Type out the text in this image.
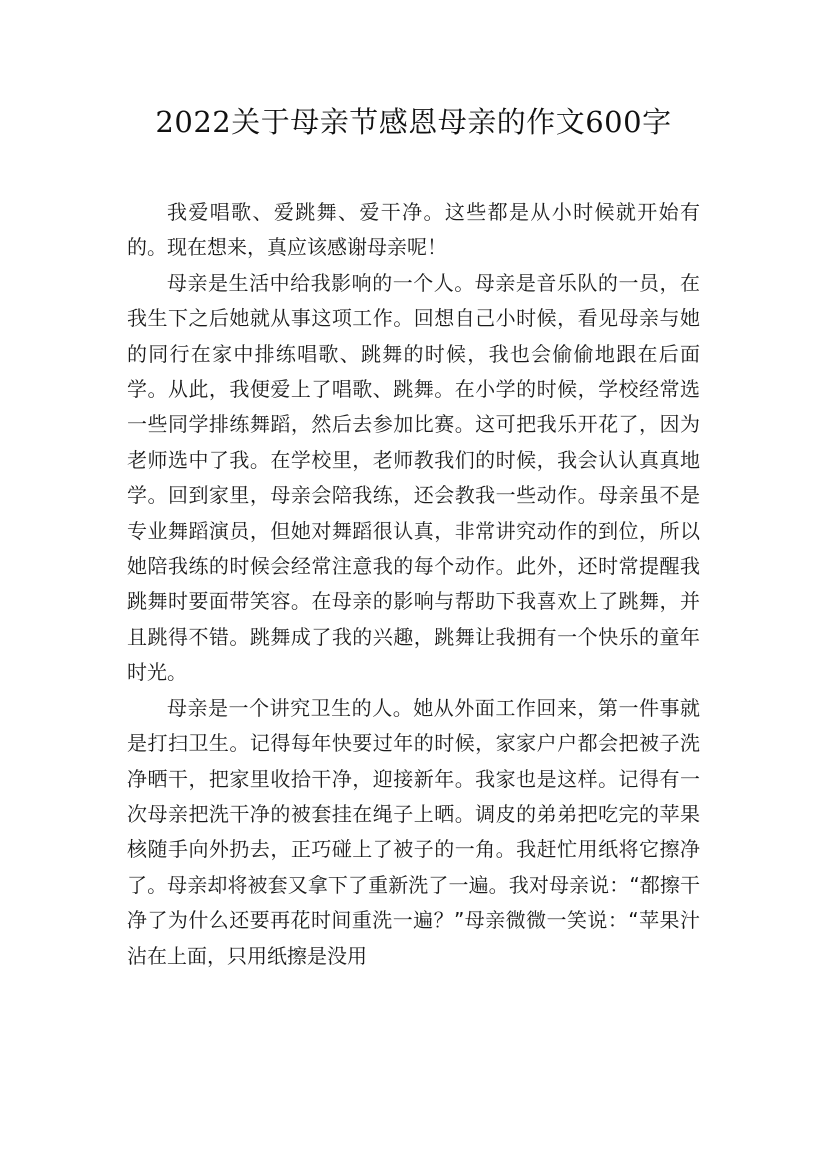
2022关于母亲节感恩母亲的作文600字

我爱唱歌、爱跳舞、爱干净。这些都是从小时候就开始有的。现在想来，真应该感谢母亲呢！

母亲是生活中给我影响的一个人。母亲是音乐队的一员，在我生下之后她就从事这项工作。回想自己小时候，看见母亲与她的同行在家中排练唱歌、跳舞的时候，我也会偷偷地跟在后面学。从此，我便爱上了唱歌、跳舞。在小学的时候，学校经常选一些同学排练舞蹈，然后去参加比赛。这可把我乐开花了，因为老师选中了我。在学校里，老师教我们的时候，我会认认真真地学。回到家里，母亲会陪我练，还会教我一些动作。母亲虽不是专业舞蹈演员，但她对舞蹈很认真，非常讲究动作的到位，所以她陪我练的时候会经常注意我的每个动作。此外，还时常提醒我跳舞时要面带笑容。在母亲的影响与帮助下我喜欢上了跳舞，并且跳得不错。跳舞成了我的兴趣，跳舞让我拥有一个快乐的童年时光。

母亲是一个讲究卫生的人。她从外面工作回来，第一件事就是打扫卫生。记得每年快要过年的时候，家家户户都会把被子洗净晒干，把家里收拾干净，迎接新年。我家也是这样。记得有一次母亲把洗干净的被套挂在绳子上晒。调皮的弟弟把吃完的苹果核随手向外扔去，正巧碰上了被子的一角。我赶忙用纸将它擦净了。母亲却将被套又拿下了重新洗了一遍。我对母亲说：“都擦干净了为什么还要再花时间重洗一遍？”母亲微微一笑说：“苹果汁沾在上面，只用纸擦是没用
